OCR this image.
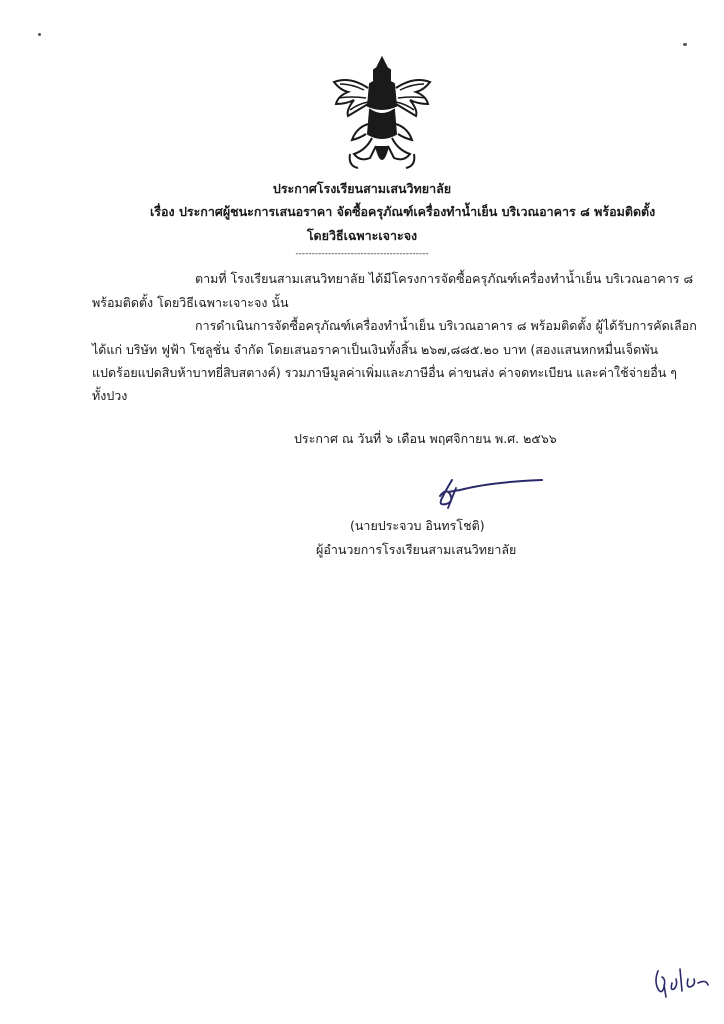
ประกาศโรงเรียนสามเสนวิทยาลัย
เรื่อง ประกาศผู้ชนะการเสนอราคา จัดซื้อครุภัณฑ์เครื่องทำน้ำเย็น บริเวณอาคาร ๘ พร้อมติดตั้ง
โดยวิธีเฉพาะเจาะจง
-----------------------------------------
ตามที่ โรงเรียนสามเสนวิทยาลัย ได้มีโครงการจัดซื้อครุภัณฑ์เครื่องทำน้ำเย็น บริเวณอาคาร ๘
พร้อมติดตั้ง โดยวิธีเฉพาะเจาะจง นั้น
การดำเนินการจัดซื้อครุภัณฑ์เครื่องทำน้ำเย็น บริเวณอาคาร ๘ พร้อมติดตั้ง ผู้ได้รับการคัดเลือก
ได้แก่ บริษัท ฟูฟ้า โซลูชั่น จำกัด โดยเสนอราคาเป็นเงินทั้งสิ้น ๒๖๗,๘๘๕.๒๐ บาท (สองแสนหกหมื่นเจ็ดพัน
แปดร้อยแปดสิบห้าบาทยี่สิบสตางค์) รวมภาษีมูลค่าเพิ่มและภาษีอื่น ค่าขนส่ง ค่าจดทะเบียน และค่าใช้จ่ายอื่น ๆ
ทั้งปวง
ประกาศ ณ วันที่ ๖ เดือน พฤศจิกายน พ.ศ. ๒๕๖๖
(นายประจวบ อินทรโชติ)
ผู้อำนวยการโรงเรียนสามเสนวิทยาลัย
